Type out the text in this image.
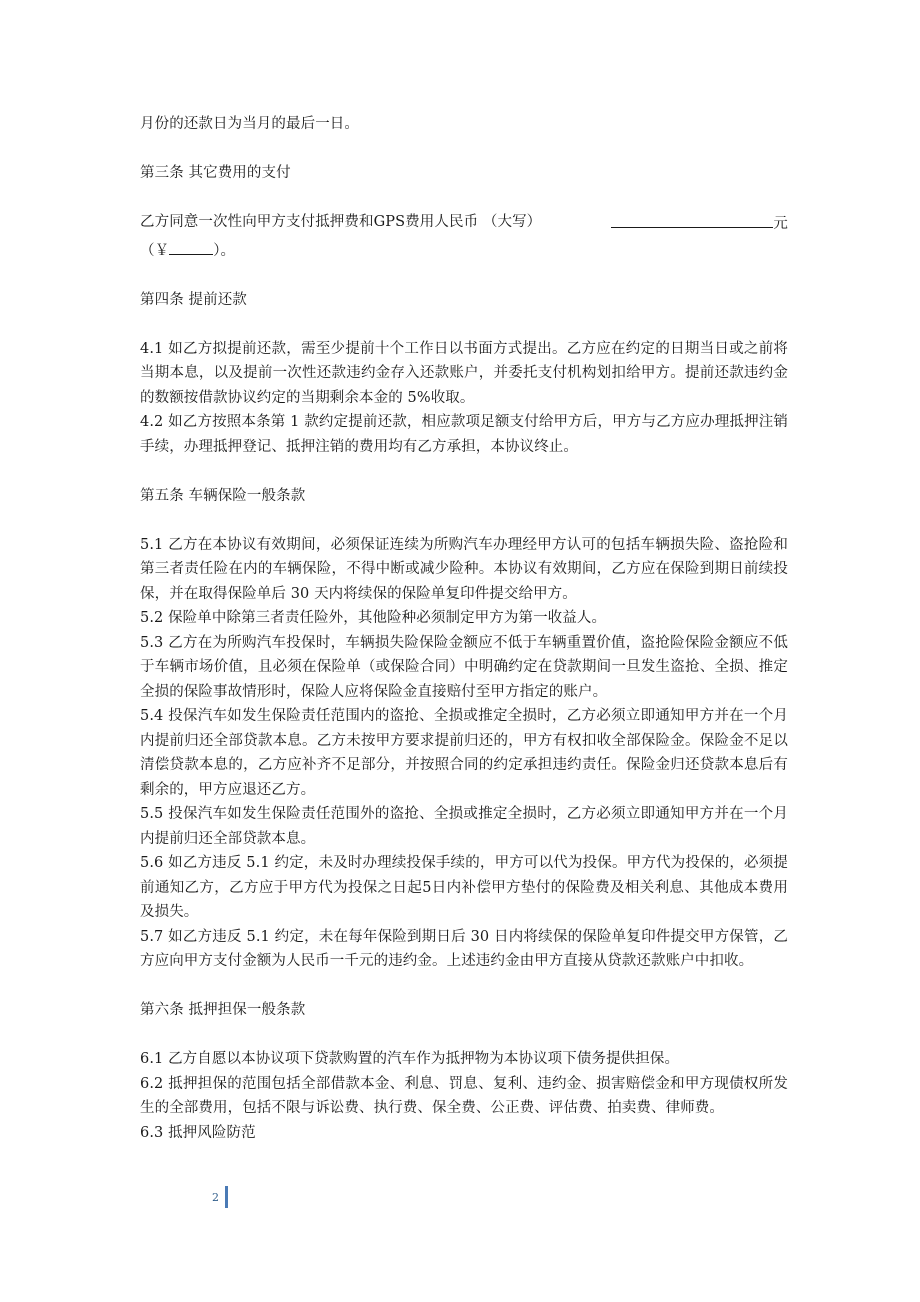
月份的还款日为当月的最后一日。

第三条 其它费用的支付

乙方同意一次性向甲方支付抵押费和GPS费用人民币 （大写）	元

（￥	）。

第四条 提前还款

4.1 如乙方拟提前还款，需至少提前十个工作日以书面方式提出。乙方应在约定的日期当日或之前将当期本息，以及提前一次性还款违约金存入还款账户，并委托支付机构划扣给甲方。提前还款违约金的数额按借款协议约定的当期剩余本金的 5%收取。

4.2 如乙方按照本条第 1 款约定提前还款，相应款项足额支付给甲方后，甲方与乙方应办理抵押注销手续，办理抵押登记、抵押注销的费用均有乙方承担，本协议终止。

第五条 车辆保险一般条款

5.1 乙方在本协议有效期间，必须保证连续为所购汽车办理经甲方认可的包括车辆损失险、盗抢险和第三者责任险在内的车辆保险，不得中断或减少险种。本协议有效期间，乙方应在保险到期日前续投保，并在取得保险单后 30 天内将续保的保险单复印件提交给甲方。

5.2 保险单中除第三者责任险外，其他险种必须制定甲方为第一收益人。

5.3 乙方在为所购汽车投保时，车辆损失险保险金额应不低于车辆重置价值，盗抢险保险金额应不低于车辆市场价值，且必须在保险单（或保险合同）中明确约定在贷款期间一旦发生盗抢、全损、推定全损的保险事故情形时，保险人应将保险金直接赔付至甲方指定的账户。

5.4 投保汽车如发生保险责任范围内的盗抢、全损或推定全损时，乙方必须立即通知甲方并在一个月内提前归还全部贷款本息。乙方未按甲方要求提前归还的，甲方有权扣收全部保险金。保险金不足以清偿贷款本息的，乙方应补齐不足部分，并按照合同的约定承担违约责任。保险金归还贷款本息后有剩余的，甲方应退还乙方。

5.5 投保汽车如发生保险责任范围外的盗抢、全损或推定全损时，乙方必须立即通知甲方并在一个月内提前归还全部贷款本息。

5.6 如乙方违反 5.1 约定，未及时办理续投保手续的，甲方可以代为投保。甲方代为投保的，必须提前通知乙方，乙方应于甲方代为投保之日起5日内补偿甲方垫付的保险费及相关利息、其他成本费用及损失。

5.7 如乙方违反 5.1 约定，未在每年保险到期日后 30 日内将续保的保险单复印件提交甲方保管，乙方应向甲方支付金额为人民币一千元的违约金。上述违约金由甲方直接从贷款还款账户中扣收。

第六条 抵押担保一般条款

6.1 乙方自愿以本协议项下贷款购置的汽车作为抵押物为本协议项下债务提供担保。

6.2 抵押担保的范围包括全部借款本金、利息、罚息、复利、违约金、损害赔偿金和甲方现债权所发生的全部费用，包括不限与诉讼费、执行费、保全费、公正费、评估费、拍卖费、律师费。

6.3 抵押风险防范

2
